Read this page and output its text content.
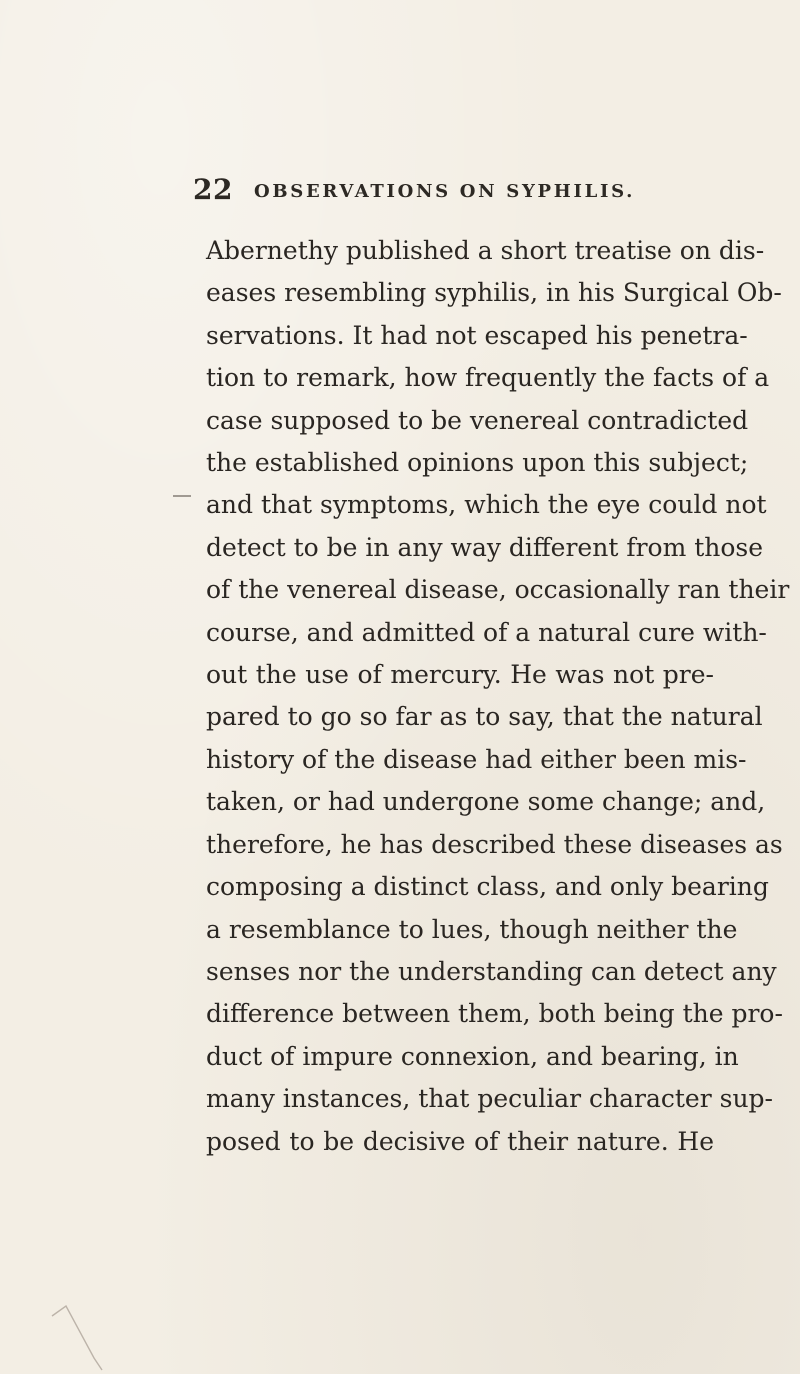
22 OBSERVATIONS ON SYPHILIS.
Abernethy published a short treatise on dis-
eases resembling syphilis, in his Surgical Ob-
servations. It had not escaped his penetra-
tion to remark, how frequently the facts of a
case supposed to be venereal contradicted
the established opinions upon this subject;
and that symptoms, which the eye could not
detect to be in any way different from those
of the venereal disease, occasionally ran their
course, and admitted of a natural cure with-
out the use of mercury. He was not pre-
pared to go so far as to say, that the natural
history of the disease had either been mis-
taken, or had undergone some change; and,
therefore, he has described these diseases as
composing a distinct class, and only bearing
a resemblance to lues, though neither the
senses nor the understanding can detect any
difference between them, both being the pro-
duct of impure connexion, and bearing, in
many instances, that peculiar character sup-
posed to be decisive of their nature. He
